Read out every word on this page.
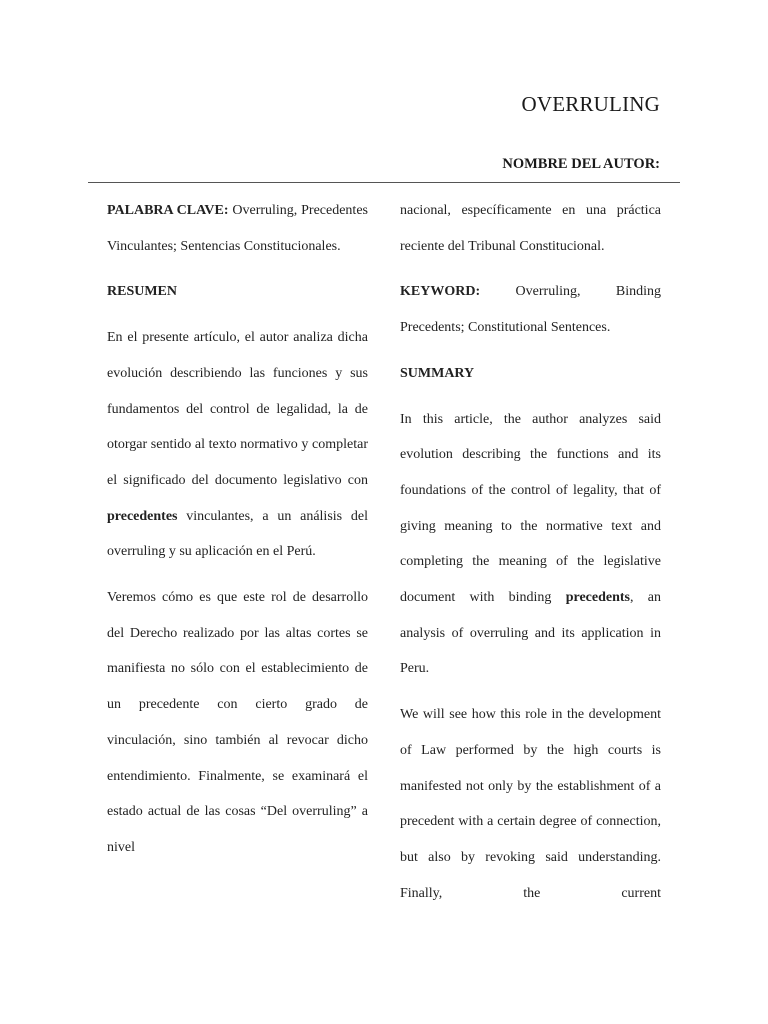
OVERRULING
NOMBRE DEL AUTOR:

PALABRA CLAVE: Overruling, Precedentes Vinculantes; Sentencias Constitucionales.

RESUMEN

En el presente artículo, el autor analiza dicha evolución describiendo las funciones y sus fundamentos del control de legalidad, la de otorgar sentido al texto normativo y completar el significado del documento legislativo con precedentes vinculantes, a un análisis del overruling y su aplicación en el Perú.

Veremos cómo es que este rol de desarrollo del Derecho realizado por las altas cortes se manifiesta no sólo con el establecimiento de un precedente con cierto grado de vinculación, sino también al revocar dicho entendimiento. Finalmente, se examinará el estado actual de las cosas “Del overruling” a nivel

nacional, específicamente en una práctica reciente del Tribunal Constitucional.

KEYWORD:	Overruling, Binding Precedents; Constitutional Sentences.

SUMMARY

In this article, the author analyzes said evolution describing the functions and its foundations of the control of legality, that of giving meaning to the normative text and completing the meaning of the legislative document with binding precedents, an analysis of overruling and its application in Peru.

We will see how this role in the development of Law performed by the high courts is manifested not only by the establishment of a precedent with a certain degree of connection, but also by revoking said understanding. Finally, the current
